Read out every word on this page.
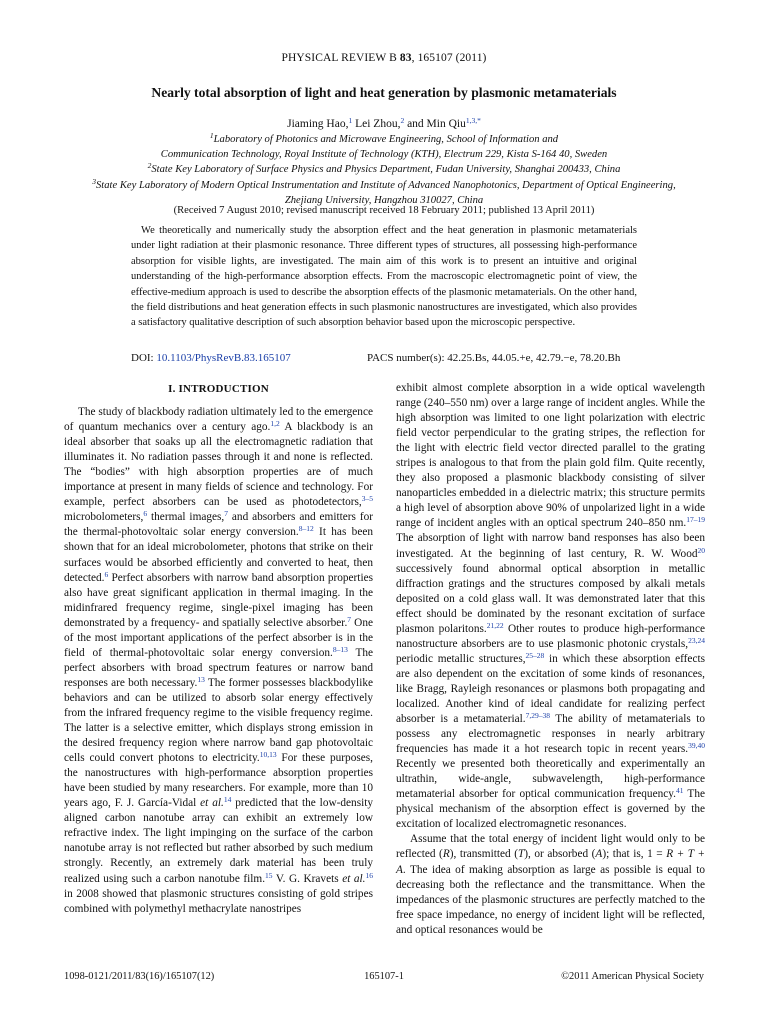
PHYSICAL REVIEW B 83, 165107 (2011)
Nearly total absorption of light and heat generation by plasmonic metamaterials
Jiaming Hao,$^1$ Lei Zhou,$^2$ and Min Qiu$^{1,3,*}$
$^1$Laboratory of Photonics and Microwave Engineering, School of Information and
Communication Technology, Royal Institute of Technology (KTH), Electrum 229, Kista S-164 40, Sweden
$^2$State Key Laboratory of Surface Physics and Physics Department, Fudan University, Shanghai 200433, China
$^3$State Key Laboratory of Modern Optical Instrumentation and Institute of Advanced Nanophotonics, Department of Optical Engineering,
Zhejiang University, Hangzhou 310027, China
(Received 7 August 2010; revised manuscript received 18 February 2011; published 13 April 2011)

We theoretically and numerically study the absorption effect and the heat generation in plasmonic metamaterials under light radiation at their plasmonic resonance. Three different types of structures, all possessing high-performance absorption for visible lights, are investigated. The main aim of this work is to present an intuitive and original understanding of the high-performance absorption effects. From the macroscopic electromagnetic point of view, the effective-medium approach is used to describe the absorption effects of the plasmonic metamaterials. On the other hand, the field distributions and heat generation effects in such plasmonic nanostructures are investigated, which also provides a satisfactory qualitative description of such absorption behavior based upon the microscopic perspective.

DOI: 10.1103/PhysRevB.83.165107	PACS number(s): 42.25.Bs, 44.05.+e, 42.79.−e, 78.20.Bh
I. INTRODUCTION

The study of blackbody radiation ultimately led to the emergence of quantum mechanics over a century ago.$^{1,2}$ A blackbody is an ideal absorber that soaks up all the electromagnetic radiation that illuminates it. No radiation passes through it and none is reflected. The “bodies” with high absorption properties are of much importance at present in many fields of science and technology. For example, perfect absorbers can be used as photodetectors,$^{3-5}$ microbolometers,$^6$ thermal images,$^7$ and absorbers and emitters for the thermal-photovoltaic solar energy conversion.$^{8-12}$ It has been shown that for an ideal microbolometer, photons that strike on their surfaces would be absorbed efficiently and converted to heat, then detected.$^6$ Perfect absorbers with narrow band absorption properties also have great significant application in thermal imaging. In the midinfrared frequency regime, single-pixel imaging has been demonstrated by a frequency- and spatially selective absorber.$^7$ One of the most important applications of the perfect absorber is in the field of thermal-photovoltaic solar energy conversion.$^{8-13}$ The perfect absorbers with broad spectrum features or narrow band responses are both necessary.$^{13}$ The former possesses blackbodylike behaviors and can be utilized to absorb solar energy effectively from the infrared frequency regime to the visible frequency regime. The latter is a selective emitter, which displays strong emission in the desired frequency region where narrow band gap photovoltaic cells could convert photons to electricity.$^{10,13}$ For these purposes, the nanostructures with high-performance absorption properties have been studied by many researchers. For example, more than 10 years ago, F. J. García-Vidal et al.$^{14}$ predicted that the low-density aligned carbon nanotube array can exhibit an extremely low refractive index. The light impinging on the surface of the carbon nanotube array is not reflected but rather absorbed by such medium strongly. Recently, an extremely dark material has been truly realized using such a carbon nanotube film.$^{15}$ V. G. Kravets et al.$^{16}$ in 2008 showed that plasmonic structures consisting of gold stripes combined with polymethyl methacrylate nanostripes

exhibit almost complete absorption in a wide optical wavelength range (240–550 nm) over a large range of incident angles. While the high absorption was limited to one light polarization with electric field vector perpendicular to the grating stripes, the reflection for the light with electric field vector directed parallel to the grating stripes is analogous to that from the plain gold film. Quite recently, they also proposed a plasmonic blackbody consisting of silver nanoparticles embedded in a dielectric matrix; this structure permits a high level of absorption above 90% of unpolarized light in a wide range of incident angles with an optical spectrum 240–850 nm.$^{17-19}$ The absorption of light with narrow band responses has also been investigated. At the beginning of last century, R. W. Wood$^{20}$ successively found abnormal optical absorption in metallic diffraction gratings and the structures composed by alkali metals deposited on a cold glass wall. It was demonstrated later that this effect should be dominated by the resonant excitation of surface plasmon polaritons.$^{21,22}$ Other routes to produce high-performance nanostructure absorbers are to use plasmonic photonic crystals,$^{23,24}$ periodic metallic structures,$^{25-28}$ in which these absorption effects are also dependent on the excitation of some kinds of resonances, like Bragg, Rayleigh resonances or plasmons both propagating and localized. Another kind of ideal candidate for realizing perfect absorber is a metamaterial.$^{7,29-38}$ The ability of metamaterials to possess any electromagnetic responses in nearly arbitrary frequencies has made it a hot research topic in recent years.$^{39,40}$ Recently we presented both theoretically and experimentally an ultrathin, wide-angle, subwavelength, high-performance metamaterial absorber for optical communication frequency.$^{41}$ The physical mechanism of the absorption effect is governed by the excitation of localized electromagnetic resonances.

Assume that the total energy of incident light would only to be reflected (R), transmitted (T), or absorbed (A); that is, 1 = R + T + A. The idea of making absorption as large as possible is equal to decreasing both the reflectance and the transmittance. When the impedances of the plasmonic structures are perfectly matched to the free space impedance, no energy of incident light will be reflected, and optical resonances would be

1098-0121/2011/83(16)/165107(12)	165107-1	©2011 American Physical Society
